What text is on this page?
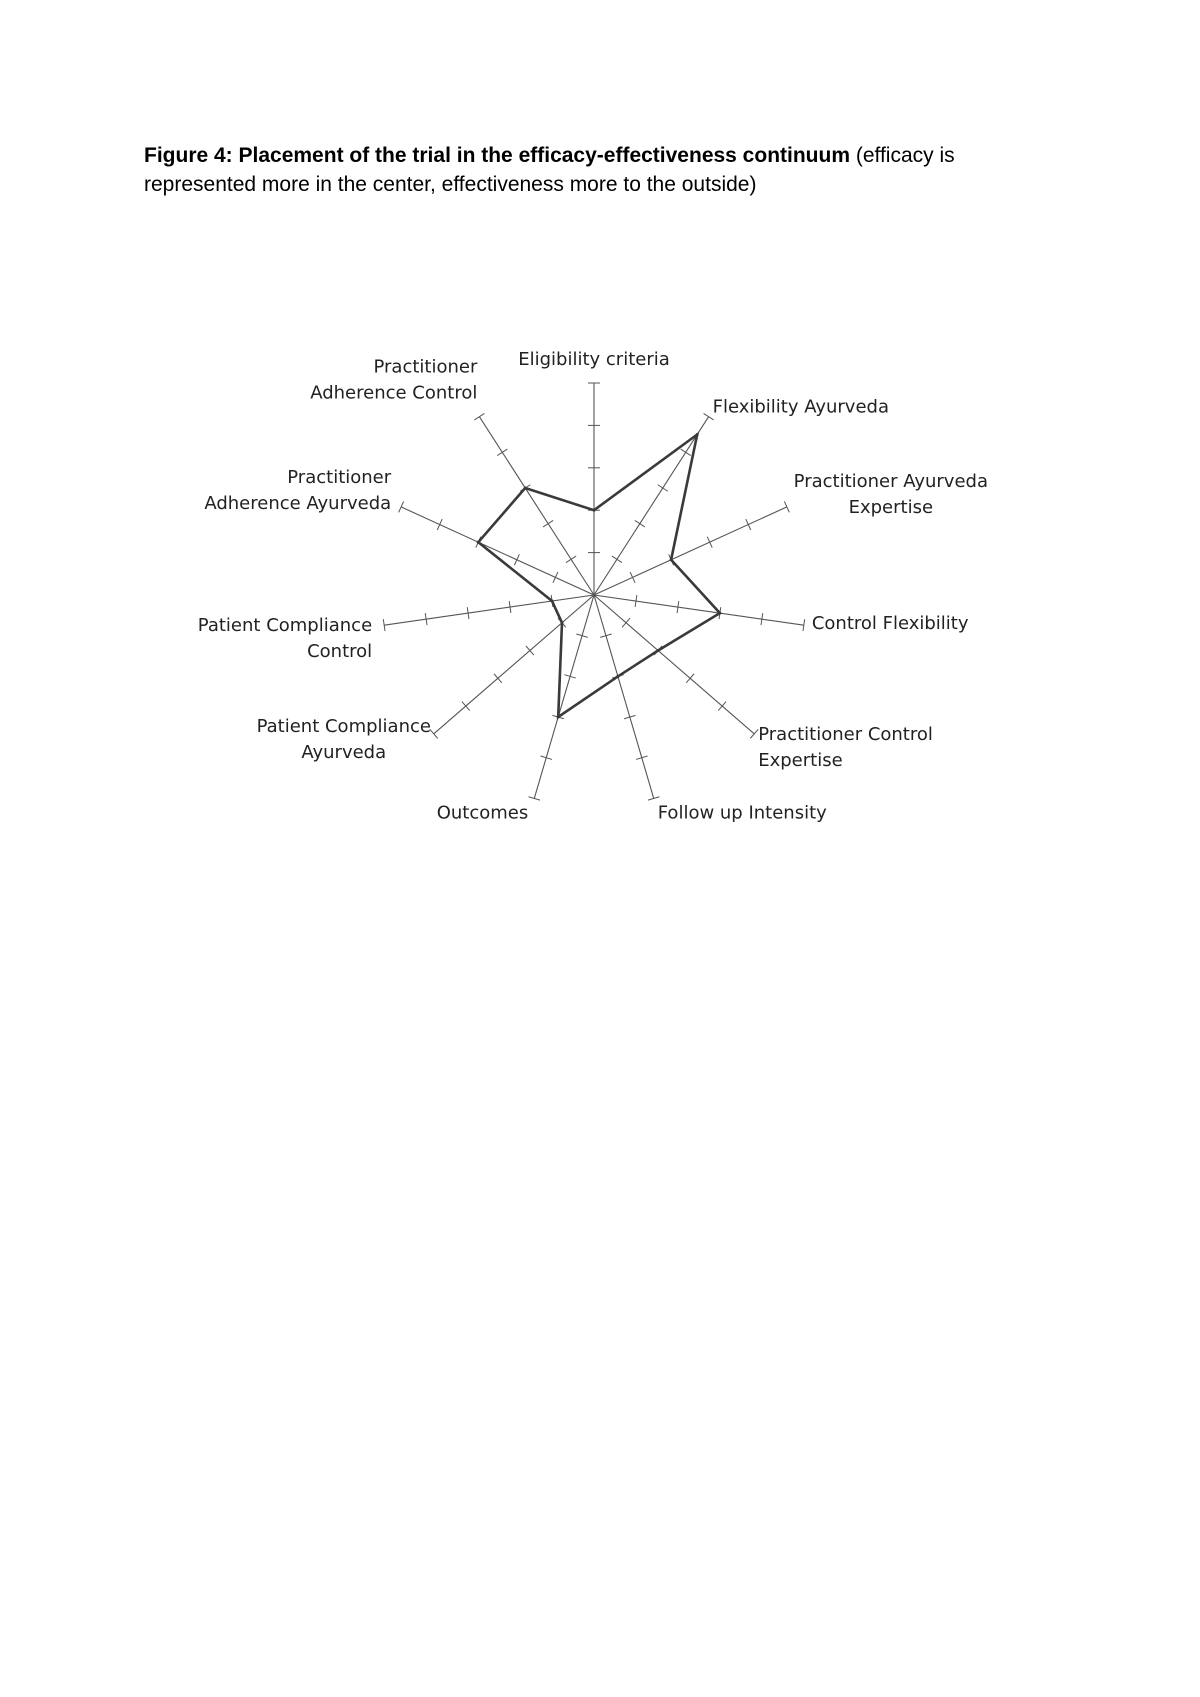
Figure 4: Placement of the trial in the efficacy-effectiveness continuum (efficacy is represented more in the center, effectiveness more to the outside)
Eligibility criteria
Flexibility Ayurveda
Practitioner Ayurveda
Expertise
Control Flexibility
Practitioner Control
Expertise
Follow up Intensity
Outcomes
Patient Compliance
Ayurveda
Patient Compliance
Control
Practitioner
Adherence Ayurveda
Practitioner
Adherence Control
